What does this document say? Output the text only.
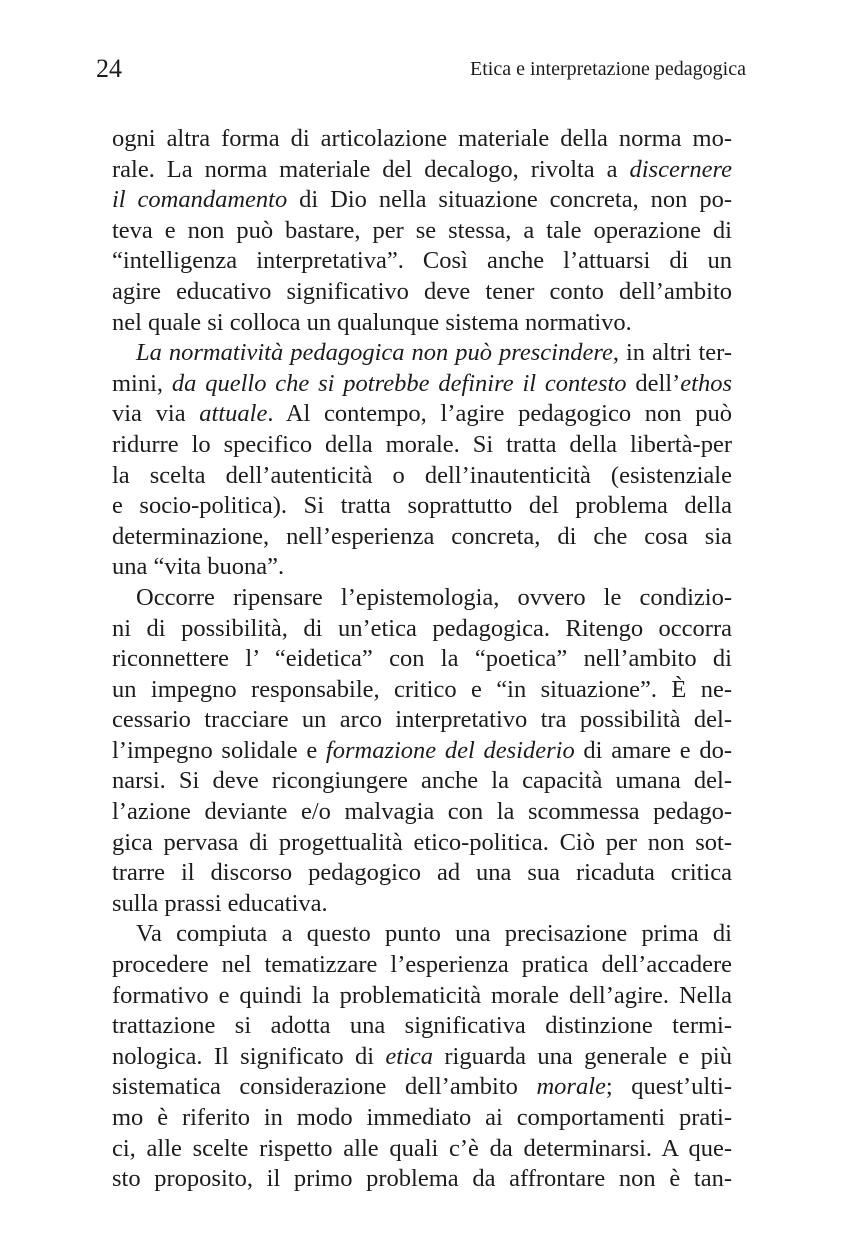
24	Etica e interpretazione pedagogica
ogni altra forma di articolazione materiale della norma mo-
rale. La norma materiale del decalogo, rivolta a discernere
il comandamento di Dio nella situazione concreta, non po-
teva e non può bastare, per se stessa, a tale operazione di
“intelligenza interpretativa”. Così anche l’attuarsi di un
agire educativo significativo deve tener conto dell’ambito
nel quale si colloca un qualunque sistema normativo.
La normatività pedagogica non può prescindere, in altri ter-
mini, da quello che si potrebbe definire il contesto dell’ethos
via via attuale. Al contempo, l’agire pedagogico non può
ridurre lo specifico della morale. Si tratta della libertà-per
la scelta dell’autenticità o dell’inautenticità (esistenziale
e socio-politica). Si tratta soprattutto del problema della
determinazione, nell’esperienza concreta, di che cosa sia
una “vita buona”.
Occorre ripensare l’epistemologia, ovvero le condizio-
ni di possibilità, di un’etica pedagogica. Ritengo occorra
riconnettere l’ “eidetica” con la “poetica” nell’ambito di
un impegno responsabile, critico e “in situazione”. È ne-
cessario tracciare un arco interpretativo tra possibilità del-
l’impegno solidale e formazione del desiderio di amare e do-
narsi. Si deve ricongiungere anche la capacità umana del-
l’azione deviante e/o malvagia con la scommessa pedago-
gica pervasa di progettualità etico-politica. Ciò per non sot-
trarre il discorso pedagogico ad una sua ricaduta critica
sulla prassi educativa.
Va compiuta a questo punto una precisazione prima di
procedere nel tematizzare l’esperienza pratica dell’accadere
formativo e quindi la problematicità morale dell’agire. Nella
trattazione si adotta una significativa distinzione termi-
nologica. Il significato di etica riguarda una generale e più
sistematica considerazione dell’ambito morale; quest’ulti-
mo è riferito in modo immediato ai comportamenti prati-
ci, alle scelte rispetto alle quali c’è da determinarsi. A que-
sto proposito, il primo problema da affrontare non è tan-
